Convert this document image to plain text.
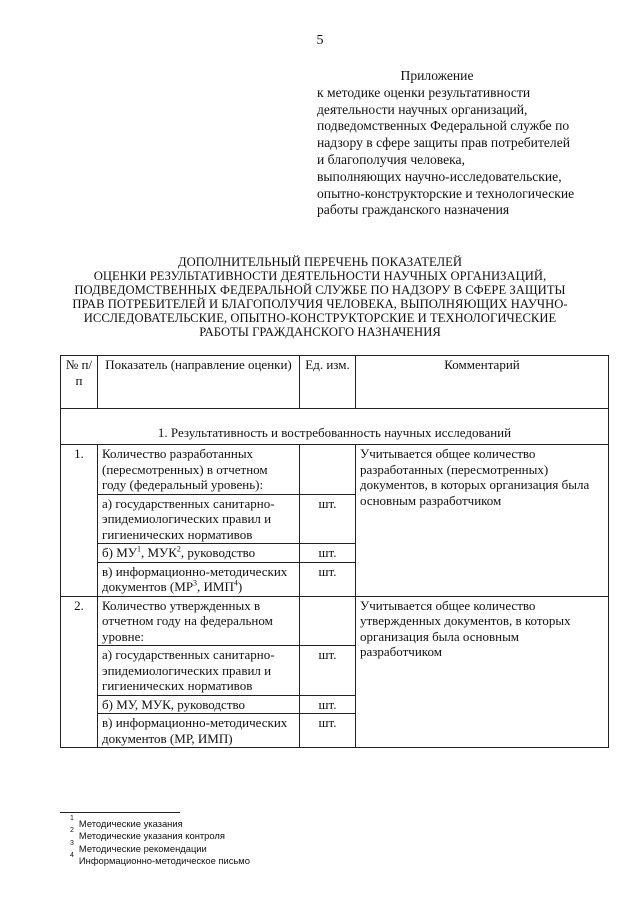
5
Приложение
к методике оценки результативности
деятельности научных организаций,
подведомственных Федеральной службе по
надзору в сфере защиты прав потребителей
и благополучия человека,
выполняющих научно-исследовательские,
опытно-конструкторские и технологические
работы гражданского назначения
ДОПОЛНИТЕЛЬНЫЙ ПЕРЕЧЕНЬ ПОКАЗАТЕЛЕЙ
ОЦЕНКИ РЕЗУЛЬТАТИВНОСТИ ДЕЯТЕЛЬНОСТИ НАУЧНЫХ ОРГАНИЗАЦИЙ,
ПОДВЕДОМСТВЕННЫХ ФЕДЕРАЛЬНОЙ СЛУЖБЕ ПО НАДЗОРУ В СФЕРЕ ЗАЩИТЫ
ПРАВ ПОТРЕБИТЕЛЕЙ И БЛАГОПОЛУЧИЯ ЧЕЛОВЕКА, ВЫПОЛНЯЮЩИХ НАУЧНО-
ИССЛЕДОВАТЕЛЬСКИЕ, ОПЫТНО-КОНСТРУКТОРСКИЕ И ТЕХНОЛОГИЧЕСКИЕ
РАБОТЫ ГРАЖДАНСКОГО НАЗНАЧЕНИЯ
№ п/п	Показатель (направление оценки)	Ед. изм.	Комментарий
1. Результативность и востребованность научных исследований			
1.	Количество разработанных (пересмотренных) в отчетном году (федеральный уровень):		Учитывается общее количество разработанных (пересмотренных) документов, в которых организация была основным разработчиком
	а) государственных санитарно-эпидемиологических правил и гигиенических нормативов	шт.	
	б) $МУ^1$, МУК$^2$, руководство	шт.	
	в) информационно-методических документов ($МР^3$, ИМП$^4$)	шт.	
2.	Количество утвержденных в отчетном году на федеральном уровне:		Учитывается общее количество утвержденных документов, в которых организация была основным разработчиком
	а) государственных санитарно-эпидемиологических правил и гигиенических нормативов	шт.	
	б) МУ, МУК, руководство	шт.	
	в) информационно-методических документов (МР, ИМП)	шт.	
$^1$ Методические указания
$^2$ Методические указания контроля
$^3$ Методические рекомендации
$^4$ Информационно-методическое письмо
